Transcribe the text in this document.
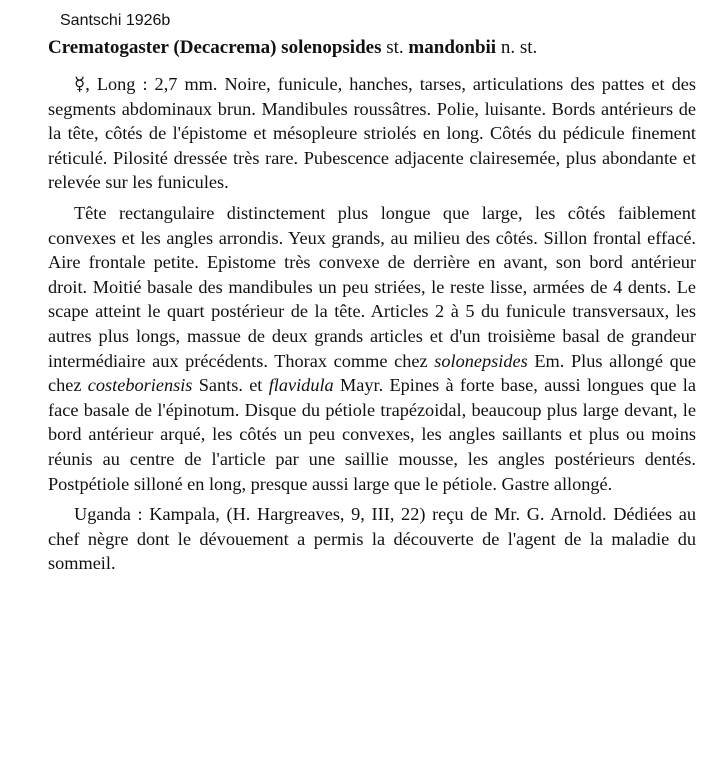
Santschi 1926b
Crematogaster (Decacrema) solenopsides st. mandonbii n. st.

☿, Long : 2,7 mm. Noire, funicule, hanches, tarses, articulations des pattes et des segments abdominaux brun. Mandibules roussâtres. Polie, luisante. Bords antérieurs de la tête, côtés de l'épistome et mésopleure striolés en long. Côtés du pédicule finement réticulé. Pilosité dressée très rare. Pubescence adjacente clairesemée, plus abondante et relevée sur les funicules.

Tête rectangulaire distinctement plus longue que large, les côtés faiblement convexes et les angles arrondis. Yeux grands, au milieu des côtés. Sillon frontal effacé. Aire frontale petite. Epistome très convexe de derrière en avant, son bord antérieur droit. Moitié basale des mandibules un peu striées, le reste lisse, armées de 4 dents. Le scape atteint le quart postérieur de la tête. Articles 2 à 5 du funicule transversaux, les autres plus longs, massue de deux grands articles et d'un troisième basal de grandeur intermédiaire aux précédents. Thorax comme chez solonepsides Em. Plus allongé que chez costeboriensis Sants. et flavidula Mayr. Epines à forte base, aussi longues que la face basale de l'épinotum. Disque du pétiole trapézoidal, beaucoup plus large devant, le bord antérieur arqué, les côtés un peu convexes, les angles saillants et plus ou moins réunis au centre de l'article par une saillie mousse, les angles postérieurs dentés. Postpétiole silloné en long, presque aussi large que le pétiole. Gastre allongé.

Uganda : Kampala, (H. Hargreaves, 9, III, 22) reçu de Mr. G. Arnold. Dédiées au chef nègre dont le dévouement a permis la découverte de l'agent de la maladie du sommeil.
